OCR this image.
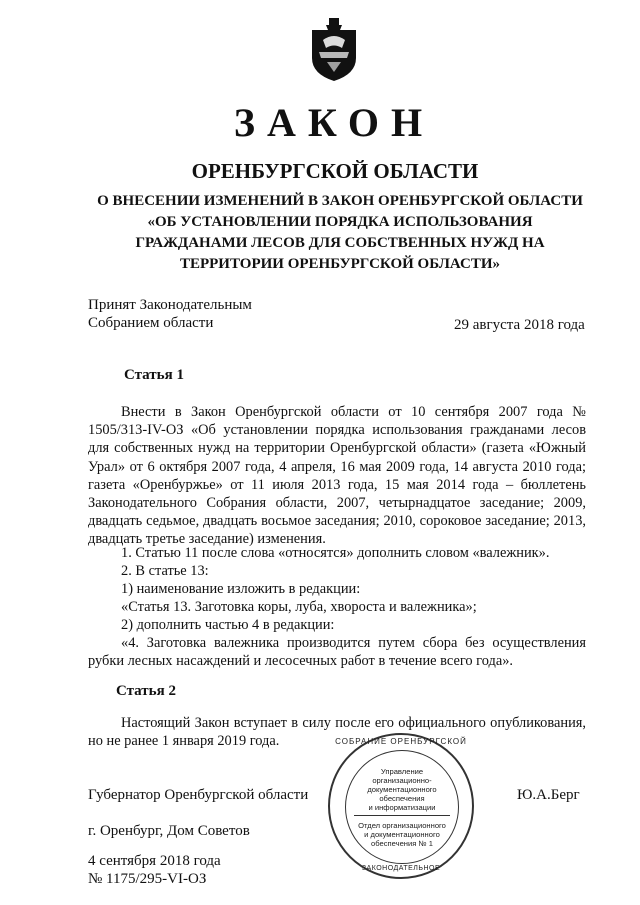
ЗАКОН
ОРЕНБУРГСКОЙ ОБЛАСТИ
О ВНЕСЕНИИ ИЗМЕНЕНИЙ В ЗАКОН ОРЕНБУРГСКОЙ ОБЛАСТИ
«ОБ УСТАНОВЛЕНИИ ПОРЯДКА ИСПОЛЬЗОВАНИЯ
ГРАЖДАНАМИ ЛЕСОВ ДЛЯ СОБСТВЕННЫХ НУЖД НА
ТЕРРИТОРИИ ОРЕНБУРГСКОЙ ОБЛАСТИ»
Принят Законодательным
Собранием области	29 августа 2018 года
Статья 1
Внести в Закон Оренбургской области от 10 сентября 2007 года № 1505/313-IV-ОЗ «Об установлении порядка использования гражданами лесов для собственных нужд на территории Оренбургской области» (газета «Южный Урал» от 6 октября 2007 года, 4 апреля, 16 мая 2009 года, 14 августа 2010 года; газета «Оренбуржье» от 11 июля 2013 года, 15 мая 2014 года – бюллетень Законодательного Собрания области, 2007, четырнадцатое заседание; 2009, двадцать седьмое, двадцать восьмое заседания; 2010, сороковое заседание; 2013, двадцать третье заседание) изменения.
1. Статью 11 после слова «относятся» дополнить словом «валежник».
2. В статье 13:
1) наименование изложить в редакции:
«Статья 13. Заготовка коры, луба, хвороста и валежника»;
2) дополнить частью 4 в редакции:
«4. Заготовка валежника производится путем сбора без осуществления рубки лесных насаждений и лесосечных работ в течение всего года».
Статья 2
Настоящий Закон вступает в силу после его официального опубликования, но не ранее 1 января 2019 года.
Губернатор Оренбургской области	Ю.А.Берг
г. Оренбург, Дом Советов
4 сентября 2018 года
№ 1175/295-VI-ОЗ
СОБРАНИЕ ОРЕНБУРГСКОЙ
Управление
организационно-
документационного
обеспечения
и информатизации
Отдел организационного
и документационного
обеспечения № 1
ЗАКОНОДАТЕЛЬНОЕ
